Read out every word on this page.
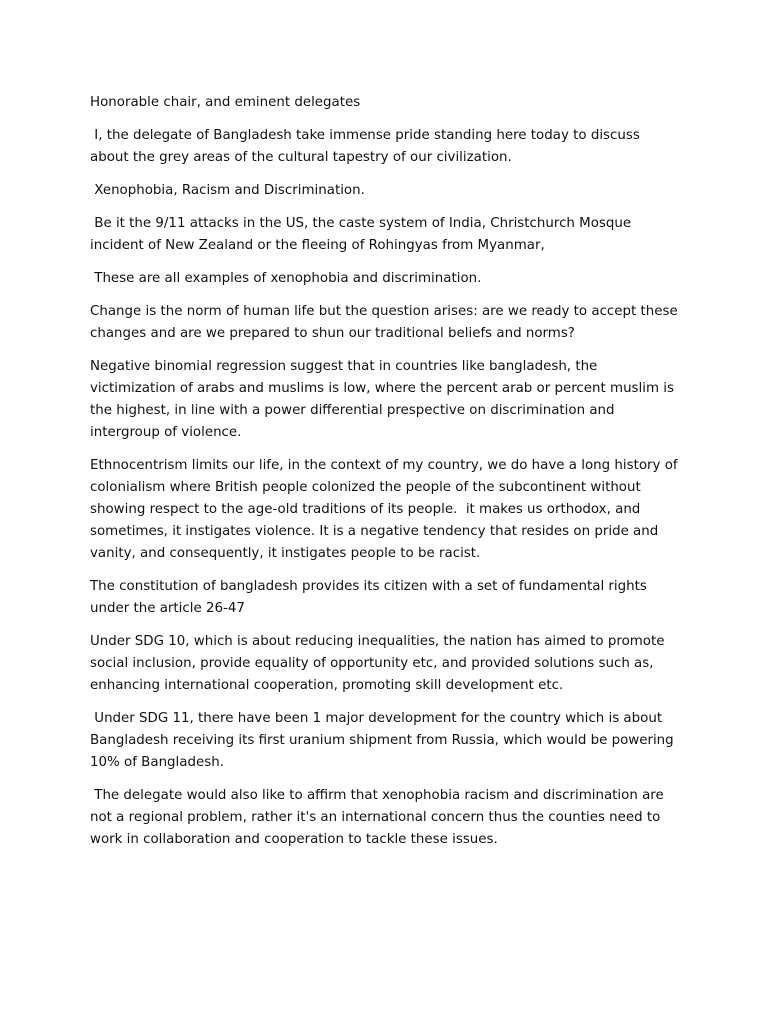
Honorable chair, and eminent delegates

I, the delegate of Bangladesh take immense pride standing here today to discuss about the grey areas of the cultural tapestry of our civilization.

Xenophobia, Racism and Discrimination.

Be it the 9/11 attacks in the US, the caste system of India, Christchurch Mosque incident of New Zealand or the fleeing of Rohingyas from Myanmar,

These are all examples of xenophobia and discrimination.

Change is the norm of human life but the question arises: are we ready to accept these changes and are we prepared to shun our traditional beliefs and norms?

Negative binomial regression suggest that in countries like bangladesh, the victimization of arabs and muslims is low, where the percent arab or percent muslim is the highest, in line with a power differential prespective on discrimination and intergroup of violence.

Ethnocentrism limits our life, in the context of my country, we do have a long history of colonialism where British people colonized the people of the subcontinent without showing respect to the age-old traditions of its people.  it makes us orthodox, and sometimes, it instigates violence. It is a negative tendency that resides on pride and vanity, and consequently, it instigates people to be racist.

The constitution of bangladesh provides its citizen with a set of fundamental rights under the article 26-47

Under SDG 10, which is about reducing inequalities, the nation has aimed to promote social inclusion, provide equality of opportunity etc, and provided solutions such as, enhancing international cooperation, promoting skill development etc.

Under SDG 11, there have been 1 major development for the country which is about Bangladesh receiving its first uranium shipment from Russia, which would be powering 10% of Bangladesh.

The delegate would also like to affirm that xenophobia racism and discrimination are not a regional problem, rather it's an international concern thus the counties need to work in collaboration and cooperation to tackle these issues.
